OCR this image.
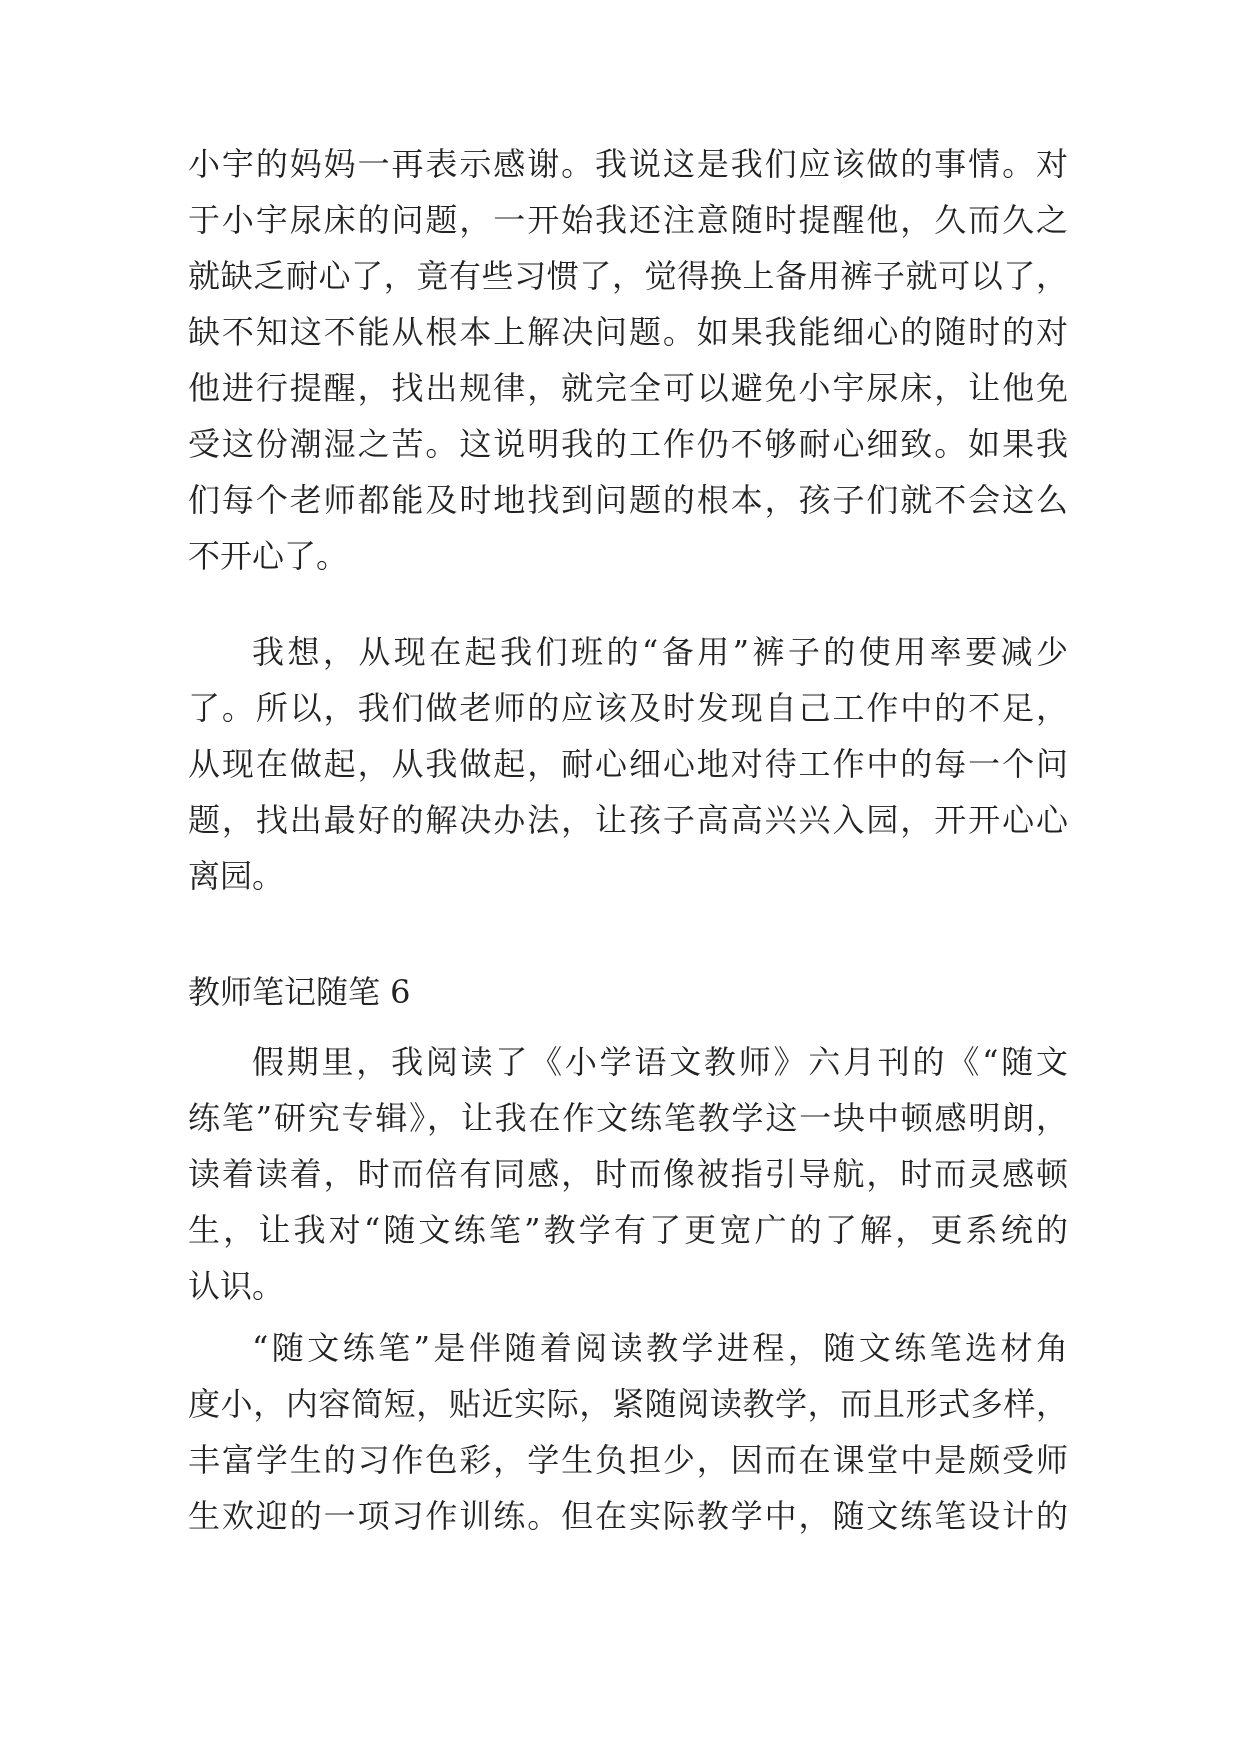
小宇的妈妈一再表示感谢。我说这是我们应该做的事情。对
于小宇尿床的问题，一开始我还注意随时提醒他，久而久之
就缺乏耐心了，竟有些习惯了，觉得换上备用裤子就可以了，
缺不知这不能从根本上解决问题。如果我能细心的随时的对
他进行提醒，找出规律，就完全可以避免小宇尿床，让他免
受这份潮湿之苦。这说明我的工作仍不够耐心细致。如果我
们每个老师都能及时地找到问题的根本，孩子们就不会这么
不开心了。
我想，从现在起我们班的“备用”裤子的使用率要减少
了。所以，我们做老师的应该及时发现自己工作中的不足，
从现在做起，从我做起，耐心细心地对待工作中的每一个问
题，找出最好的解决办法，让孩子高高兴兴入园，开开心心
离园。
教师笔记随笔 6
假期里，我阅读了《小学语文教师》六月刊的《“随文
练笔”研究专辑》，让我在作文练笔教学这一块中顿感明朗，
读着读着，时而倍有同感，时而像被指引导航，时而灵感顿
生，让我对“随文练笔”教学有了更宽广的了解，更系统的
认识。
“随文练笔”是伴随着阅读教学进程，随文练笔选材角
度小，内容简短，贴近实际，紧随阅读教学，而且形式多样，
丰富学生的习作色彩，学生负担少，因而在课堂中是颇受师
生欢迎的一项习作训练。但在实际教学中，随文练笔设计的
